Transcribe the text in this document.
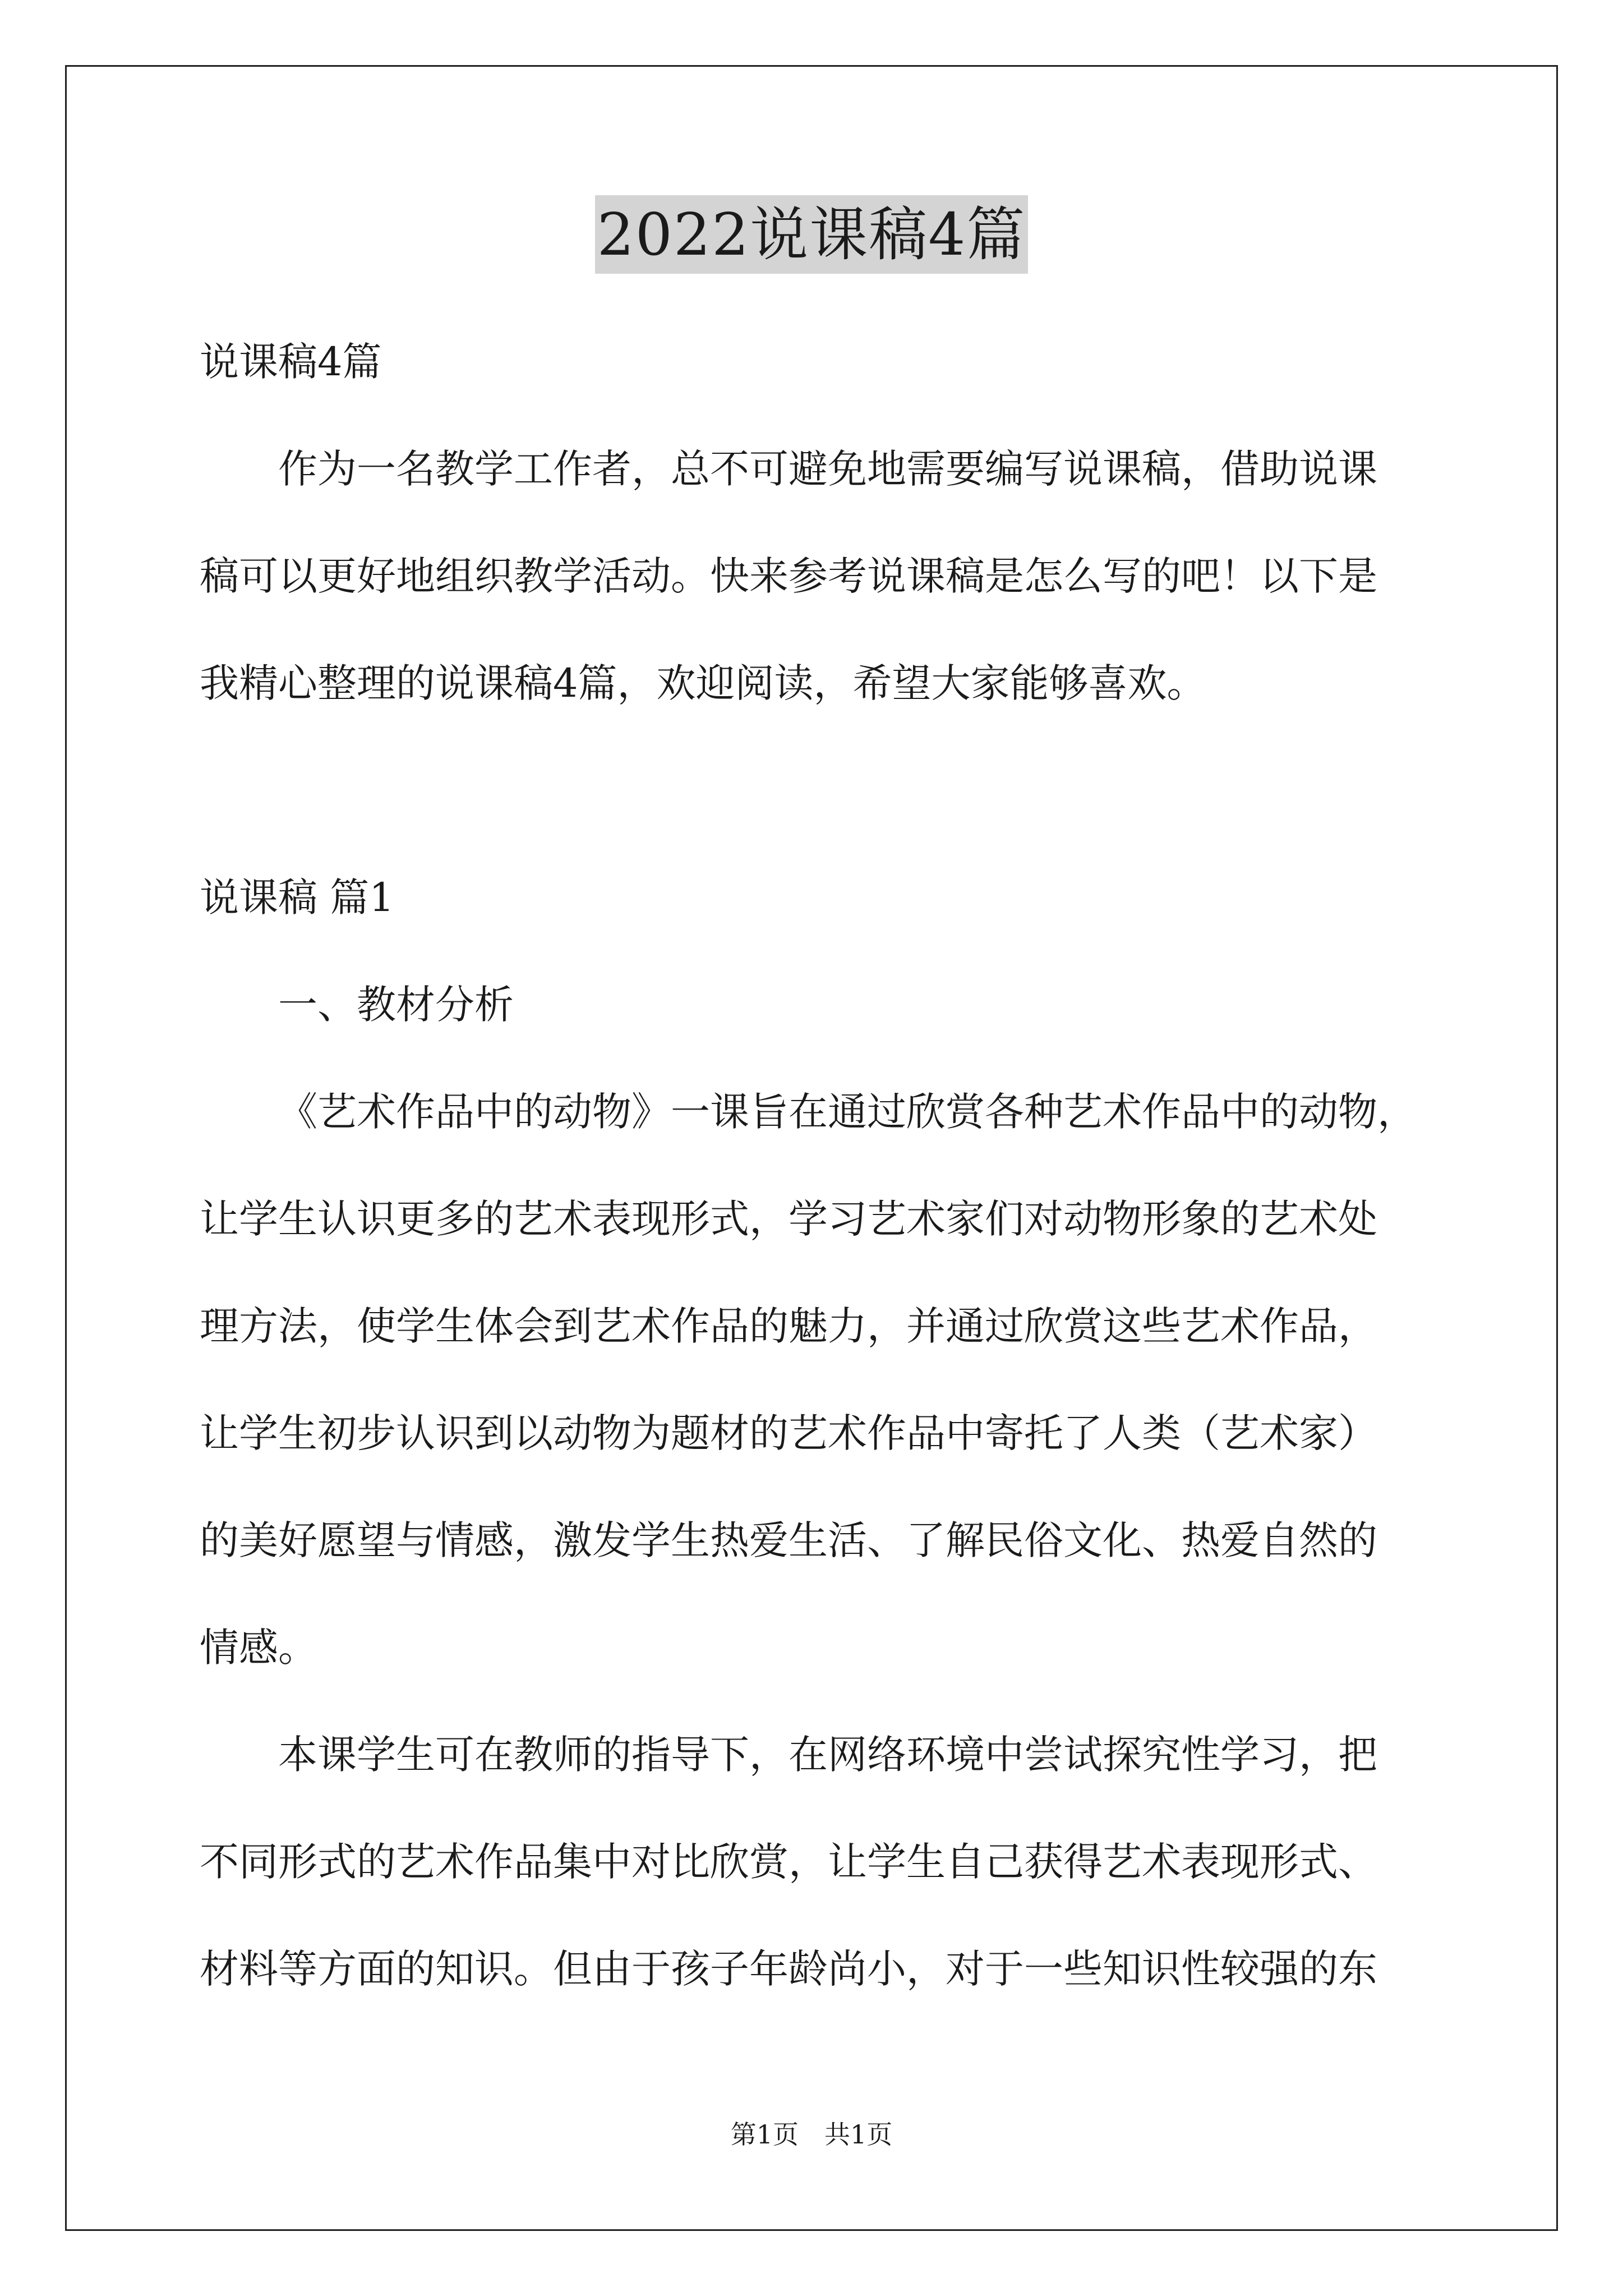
2022说课稿4篇
说课稿4篇
作为一名教学工作者，总不可避免地需要编写说课稿，借助说课
稿可以更好地组织教学活动。快来参考说课稿是怎么写的吧！以下是
我精心整理的说课稿4篇，欢迎阅读，希望大家能够喜欢。
说课稿 篇1
一、教材分析
《艺术作品中的动物》一课旨在通过欣赏各种艺术作品中的动物，
让学生认识更多的艺术表现形式，学习艺术家们对动物形象的艺术处
理方法，使学生体会到艺术作品的魅力，并通过欣赏这些艺术作品，
让学生初步认识到以动物为题材的艺术作品中寄托了人类（艺术家）
的美好愿望与情感，激发学生热爱生活、了解民俗文化、热爱自然的
情感。
本课学生可在教师的指导下，在网络环境中尝试探究性学习，把
不同形式的艺术作品集中对比欣赏，让学生自己获得艺术表现形式、
材料等方面的知识。但由于孩子年龄尚小，对于一些知识性较强的东
第1页　共1页
